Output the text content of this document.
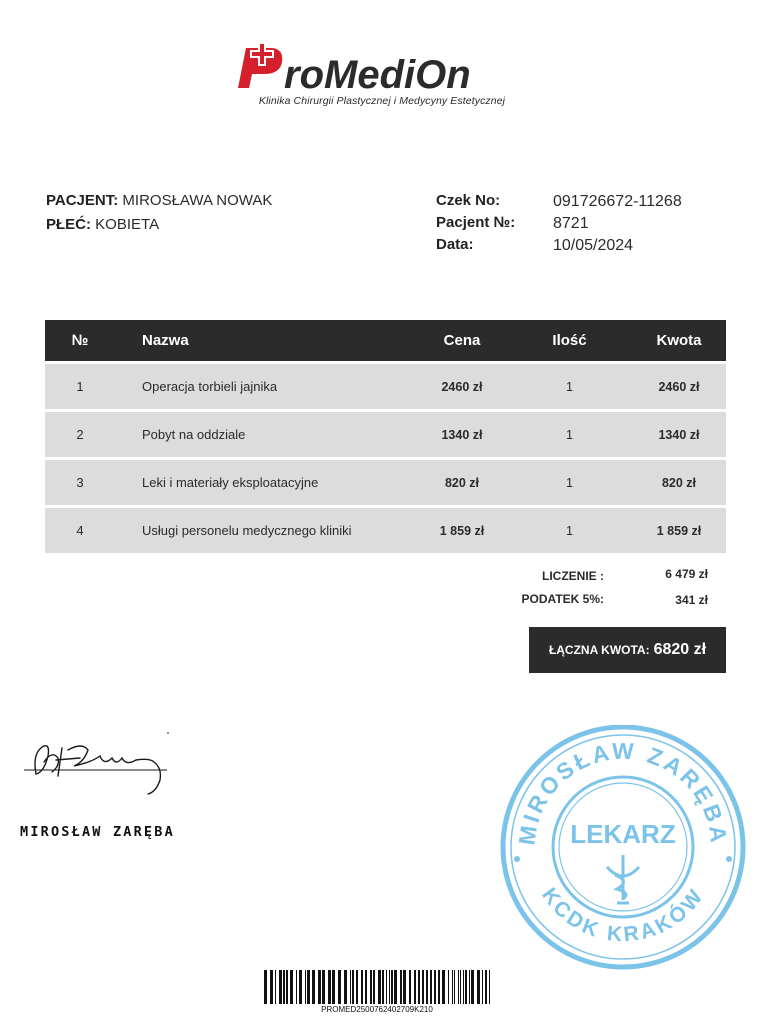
roMediOn
Klinika Chirurgii Plastycznej i Medycyny Estetycznej
PACJENT: MIROSŁAWA NOWAK
PŁEĆ: KOBIETA
Czek No:	091726672-11268
Pacjent №: 8721
Data:	10/05/2024
№	Nazwa	Cena	Ilość	Kwota
1	Operacja torbieli jajnika	2460 zł	1	2460 zł
2	Pobyt na oddziale	1340 zł	1	1340 zł
3	Leki i materiały eksploatacyjne	820 zł	1	820 zł
4	Usługi personelu medycznego kliniki	1 859 zł	1	1 859 zł
LICZENIE :	6 479 zł
PODATEK 5%:	341 zł
ŁĄCZNA KWOTA: 6820 zł
MIROSŁAW ZARĘBA	MIROSŁAW ZARĘBA
KCDK KRAKÓW
LEKARZ
PROMED2500762402709K210
